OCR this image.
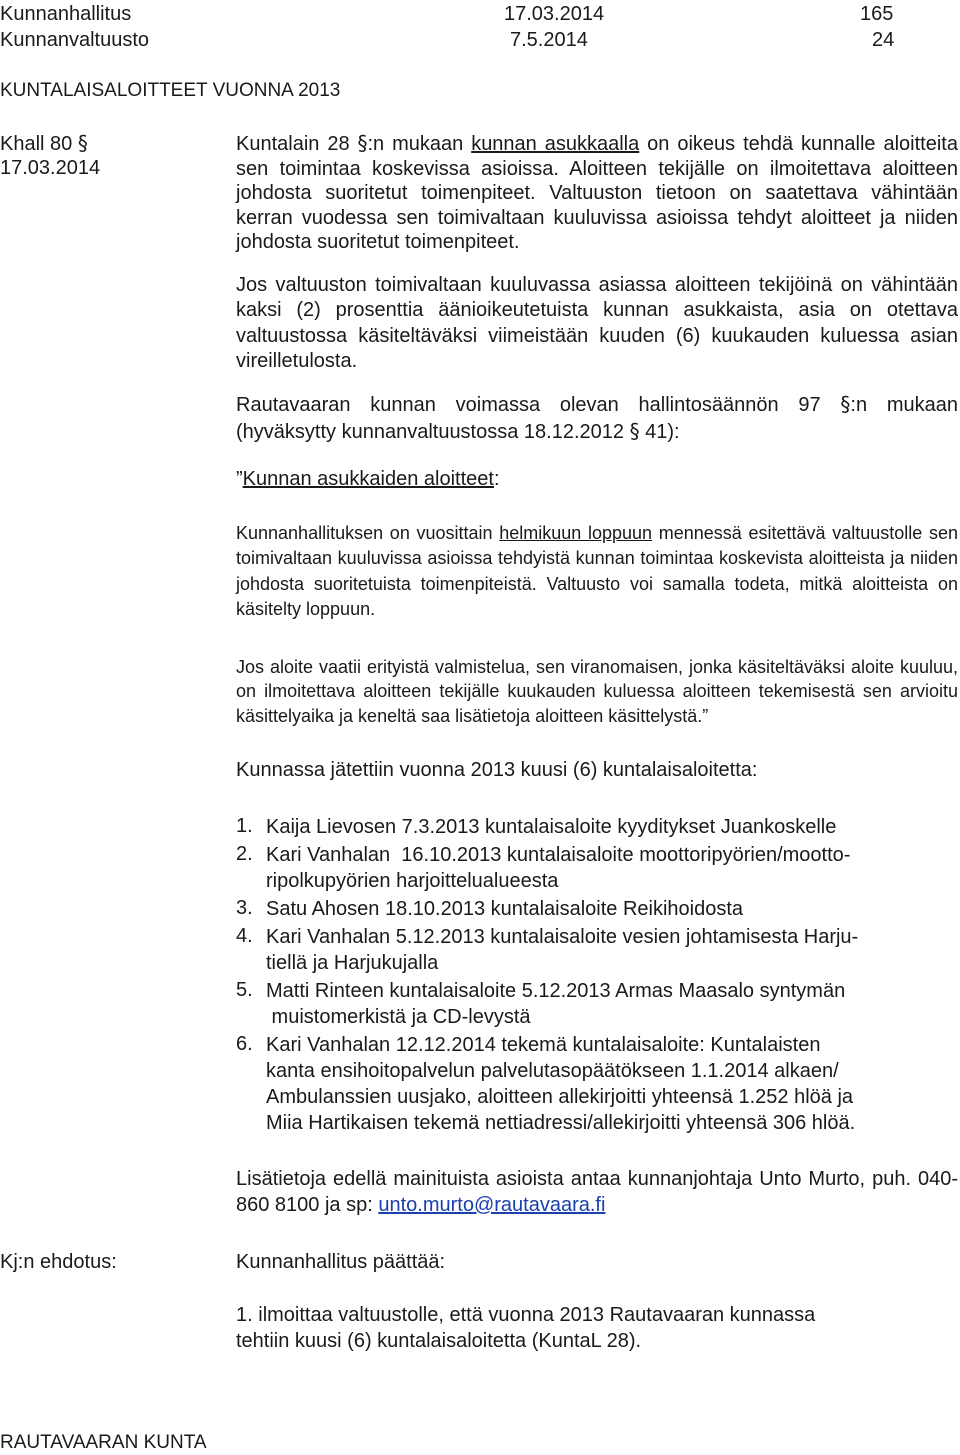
Kunnanhallitus	17.03.2014	165
Kunnanvaltuusto	7.5.2014	24
KUNTALAISALOITTEET VUONNA 2013
Khall 80 §
17.03.2014

Kuntalain 28 §:n mukaan kunnan asukkaalla on oikeus tehdä kunnalle aloitteita sen toimintaa koskevissa asioissa. Aloitteen tekijälle on ilmoitettava aloitteen johdosta suoritetut toimenpiteet. Valtuuston tietoon on saatettava vähintään kerran vuodessa sen toimivaltaan kuuluvissa asioissa tehdyt aloitteet ja niiden johdosta suoritetut toimenpiteet.

Jos valtuuston toimivaltaan kuuluvassa asiassa aloitteen tekijöinä on vähintään kaksi (2) prosenttia äänioikeutetuista kunnan asukkaista, asia on otettava valtuustossa käsiteltäväksi viimeistään kuuden (6) kuukauden kuluessa asian vireilletulosta.

Rautavaaran kunnan voimassa olevan hallintosäännön 97 §:n mukaan (hyväksytty kunnanvaltuustossa 18.12.2012 § 41):

”Kunnan asukkaiden aloitteet:

Kunnanhallituksen on vuosittain helmikuun loppuun mennessä esitettävä valtuustolle sen toimivaltaan kuuluvissa asioissa tehdyistä kunnan toimintaa koskevista aloitteista ja niiden johdosta suoritetuista toimenpiteistä. Valtuusto voi samalla todeta, mitkä aloitteista on käsitelty loppuun.

Jos aloite vaatii erityistä valmistelua, sen viranomaisen, jonka käsiteltäväksi aloite kuuluu, on ilmoitettava aloitteen tekijälle kuukauden kuluessa aloitteen tekemisestä sen arvioitu käsittelyaika ja keneltä saa lisätietoja aloitteen käsittelystä.”

Kunnassa jätettiin vuonna 2013 kuusi (6) kuntalaisaloitetta:

1. Kaija Lievosen 7.3.2013 kuntalaisaloite kyyditykset Juankoskelle
2. Kari Vanhalan  16.10.2013 kuntalaisaloite moottoripyörien/mootto-
ripolkupyörien harjoittelualueesta
3. Satu Ahosen 18.10.2013 kuntalaisaloite Reikihoidosta
4. Kari Vanhalan 5.12.2013 kuntalaisaloite vesien johtamisesta Harju-
tiellä ja Harjukujalla
5. Matti Rinteen kuntalaisaloite 5.12.2013 Armas Maasalo syntymän
muistomerkistä ja CD-levystä
6. Kari Vanhalan 12.12.2014 tekemä kuntalaisaloite: Kuntalaisten
kanta ensihoitopalvelun palvelutasopäätökseen 1.1.2014 alkaen/
Ambulanssien uusjako, aloitteen allekirjoitti yhteensä 1.252 hlöä ja
Miia Hartikaisen tekemä nettiadressi/allekirjoitti yhteensä 306 hlöä.

Lisätietoja edellä mainituista asioista antaa kunnanjohtaja Unto Murto, puh. 040-860 8100 ja sp: unto.murto@rautavaara.fi

Kj:n ehdotus:	Kunnanhallitus päättää:
1. ilmoittaa valtuustolle, että vuonna 2013 Rautavaaran kunnassa
tehtiin kuusi (6) kuntalaisaloitetta (KuntaL 28).
RAUTAVAARAN KUNTA
